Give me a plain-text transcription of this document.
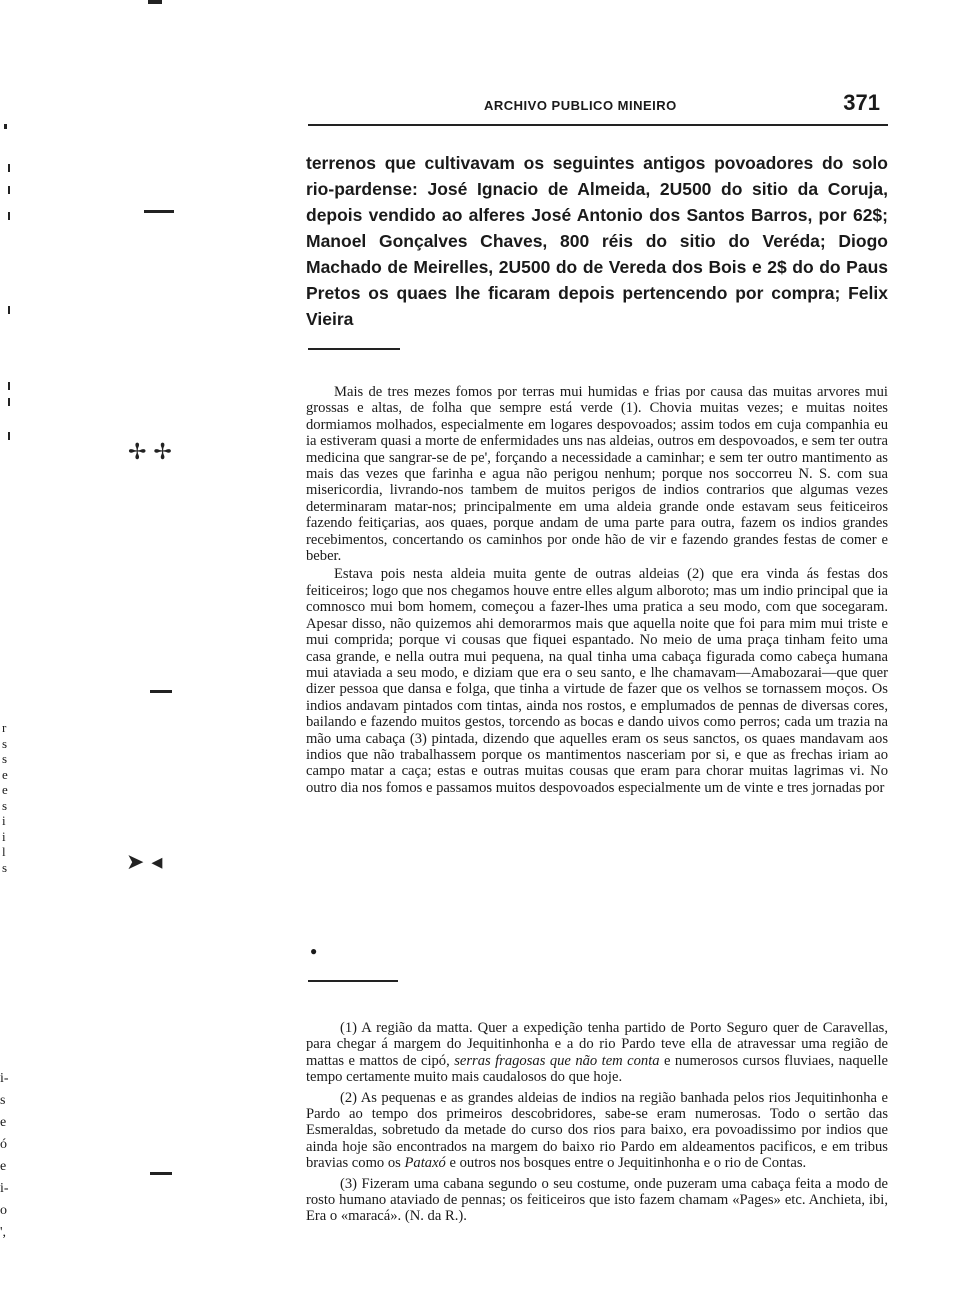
✢ ✢
➤ ◂
r
s
s
e
e
s
i
i
l
s
i-
s
e
ó
e
i-
o
',
ARCHIVO PUBLICO MINEIRO	371

terrenos que cultivavam os seguintes antigos povoadores do solo rio-pardense: José Ignacio de Almeida, 2U500 do sitio da Coruja, depois vendido ao alferes José Antonio dos Santos Barros, por 62$; Manoel Gonçalves Chaves, 800 réis do sitio do Veréda; Diogo Machado de Meirelles, 2U500 do de Vereda dos Bois e 2$ do do Paus Pretos os quaes lhe ficaram depois pertencendo por compra; Felix Vieira

Mais de tres mezes fomos por terras mui humidas e frias por causa das muitas arvores mui grossas e altas, de folha que sempre está verde (1). Chovia muitas vezes; e muitas noites dormiamos molhados, especialmente em logares despovoados; assim todos em cuja companhia eu ia estiveram quasi a morte de enfermidades uns nas aldeias, outros em despovoados, e sem ter outra medicina que sangrar-se de pe', forçando a necessidade a caminhar; e sem ter outro mantimento as mais das vezes que farinha e agua não perigou nenhum; porque nos soccorreu N. S. com sua misericordia, livrando-nos tambem de muitos perigos de indios contrarios que algumas vezes determinaram matar-nos; principalmente em uma aldeia grande onde estavam seus feiticeiros fazendo feitiçarias, aos quaes, porque andam de uma parte para outra, fazem os indios grandes recebimentos, concertando os caminhos por onde hão de vir e fazendo grandes festas de comer e beber.

Estava pois nesta aldeia muita gente de outras aldeias (2) que era vinda ás festas dos feiticeiros; logo que nos chegamos houve entre elles algum alboroto; mas um indio principal que ia comnosco mui bom homem, começou a fazer-lhes uma pratica a seu modo, com que socegaram. Apesar disso, não quizemos ahi demorarmos mais que aquella noite que foi para mim mui triste e mui comprida; porque vi cousas que fiquei espantado. No meio de uma praça tinham feito uma casa grande, e nella outra mui pequena, na qual tinha uma cabaça figurada como cabeça humana mui ataviada a seu modo, e diziam que era o seu santo, e lhe chamavam—Amabozarai—que quer dizer pessoa que dansa e folga, que tinha a virtude de fazer que os velhos se tornassem moços. Os indios andavam pintados com tintas, ainda nos rostos, e emplumados de pennas de diversas cores, bailando e fazendo muitos gestos, torcendo as bocas e dando uivos como perros; cada um trazia na mão uma cabaça (3) pintada, dizendo que aquelles eram os seus sanctos, os quaes mandavam aos indios que não trabalhassem porque os mantimentos nasceriam por si, e que as frechas iriam ao campo matar a caça; estas e outras muitas cousas que eram para chorar muitas lagrimas vi. No outro dia nos fomos e passamos muitos despovoados especialmente um de vinte e tres jornadas por

●

(1) A região da matta. Quer a expedição tenha partido de Porto Seguro quer de Caravellas, para chegar á margem do Jequitinhonha e a do rio Pardo teve ella de atravessar uma região de mattas e mattos de cipó, serras fragosas que não tem conta e numerosos cursos fluviaes, naquelle tempo certamente muito mais caudalosos do que hoje.

(2) As pequenas e as grandes aldeias de indios na região banhada pelos rios Jequitinhonha e Pardo ao tempo dos primeiros descobridores, sabe-se eram numerosas. Todo o sertão das Esmeraldas, sobretudo da metade do curso dos rios para baixo, era povoadissimo por indios que ainda hoje são encontrados na margem do baixo rio Pardo em aldeamentos pacificos, e em tribus bravias como os Pataxó e outros nos bosques entre o Jequitinhonha e o rio de Contas.

(3) Fizeram uma cabana segundo o seu costume, onde puzeram uma cabaça feita a modo de rosto humano ataviado de pennas; os feiticeiros que isto fazem chamam «Pages» etc. Anchieta, ibi, Era o «maracá». (N. da R.).
